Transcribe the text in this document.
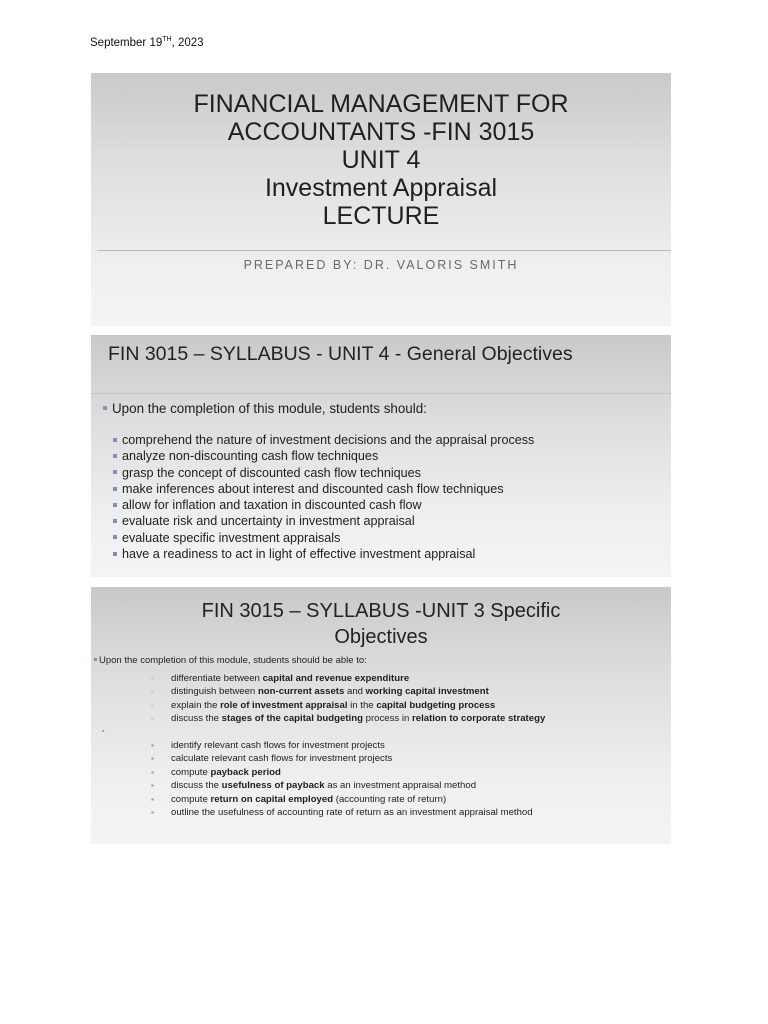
September 19TH, 2023
FINANCIAL MANAGEMENT FOR
ACCOUNTANTS -FIN 3015
UNIT 4
Investment Appraisal
LECTURE
PREPARED BY: DR. VALORIS SMITH
FIN 3015 – SYLLABUS - UNIT 4 - General Objectives
Upon the completion of this module, students should:
comprehend the nature of investment decisions and the appraisal process
analyze non-discounting cash flow techniques
grasp the concept of discounted cash flow techniques
make inferences about interest and discounted cash flow techniques
allow for inflation and taxation in discounted cash flow
evaluate risk and uncertainty in investment appraisal
evaluate specific investment appraisals
have a readiness to act in light of effective investment appraisal
FIN 3015 – SYLLABUS -UNIT 3 Specific
Objectives
Upon the completion of this module, students should be able to:
◦ differentiate between capital and revenue expenditure
◦ distinguish between non-current assets and working capital investment
◦ explain the role of investment appraisal in the capital budgeting process
◦ discuss the stages of the capital budgeting process in relation to corporate strategy
▪
▪ identify relevant cash flows for investment projects
▪ calculate relevant cash flows for investment projects
▪ compute payback period
▪ discuss the usefulness of payback as an investment appraisal method
▪ compute return on capital employed (accounting rate of return)
▪ outline the usefulness of accounting rate of return as an investment appraisal method
